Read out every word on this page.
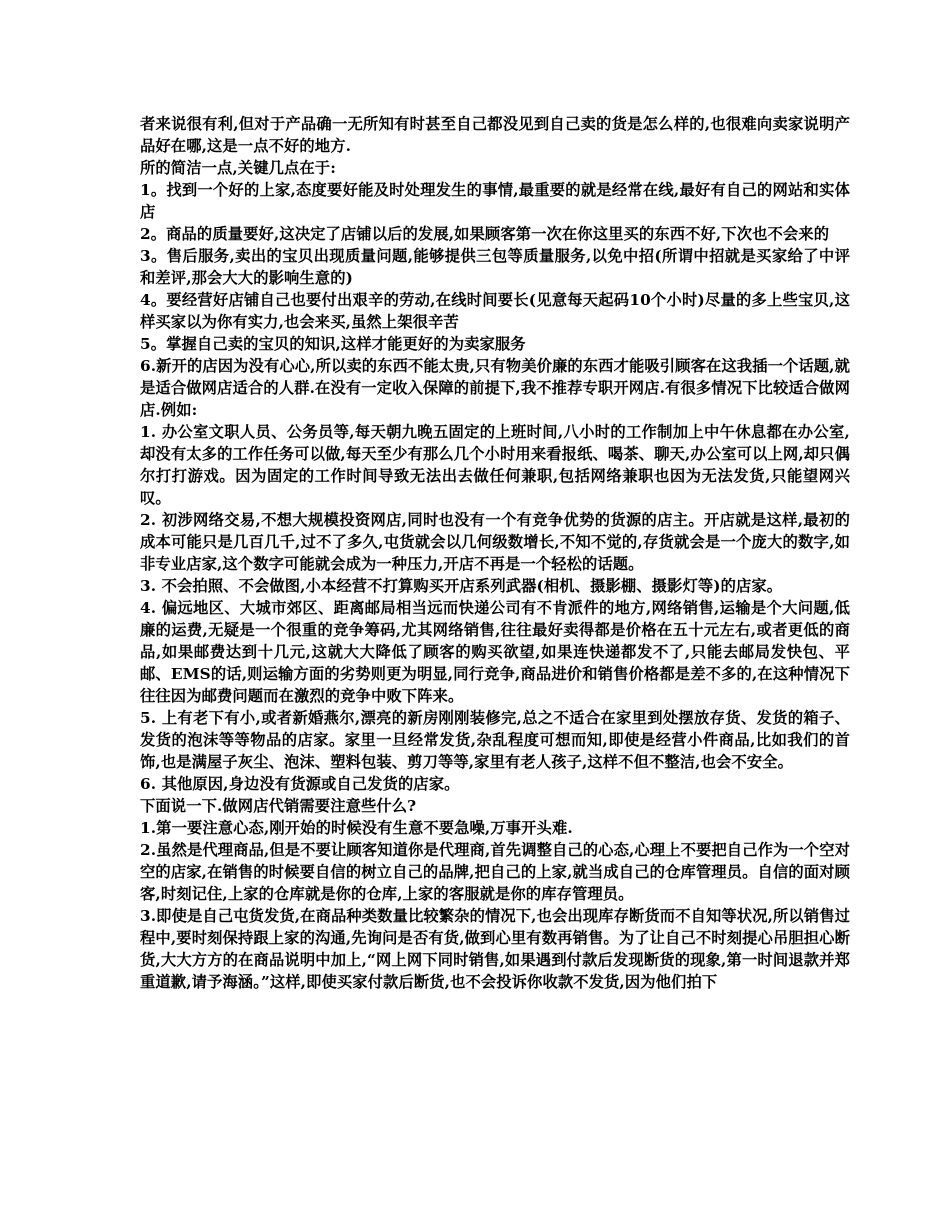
者来说很有利,但对于产品确一无所知有时甚至自己都没见到自己卖的货是怎么样的,也很难向卖家说明产品好在哪,这是一点不好的地方.

所的简洁一点,关键几点在于:

1。找到一个好的上家,态度要好能及时处理发生的事情,最重要的就是经常在线,最好有自己的网站和实体店

2。商品的质量要好,这决定了店铺以后的发展,如果顾客第一次在你这里买的东西不好,下次也不会来的

3。售后服务,卖出的宝贝出现质量问题,能够提供三包等质量服务,以免中招(所谓中招就是买家给了中评和差评,那会大大的影响生意的)

4。要经营好店铺自己也要付出艰辛的劳动,在线时间要长(见意每天起码10个小时)尽量的多上些宝贝,这样买家以为你有实力,也会来买,虽然上架很辛苦

5。掌握自己卖的宝贝的知识,这样才能更好的为卖家服务

6.新开的店因为没有心心,所以卖的东西不能太贵,只有物美价廉的东西才能吸引顾客在这我插一个话题,就是适合做网店适合的人群.在没有一定收入保障的前提下,我不推荐专职开网店.有很多情况下比较适合做网店.例如:

1. 办公室文职人员、公务员等,每天朝九晚五固定的上班时间,八小时的工作制加上中午休息都在办公室,却没有太多的工作任务可以做,每天至少有那么几个小时用来看报纸、喝茶、聊天,办公室可以上网,却只偶尔打打游戏。因为固定的工作时间导致无法出去做任何兼职,包括网络兼职也因为无法发货,只能望网兴叹。

2. 初涉网络交易,不想大规模投资网店,同时也没有一个有竞争优势的货源的店主。开店就是这样,最初的成本可能只是几百几千,过不了多久,屯货就会以几何级数增长,不知不觉的,存货就会是一个庞大的数字,如非专业店家,这个数字可能就会成为一种压力,开店不再是一个轻松的话题。

3. 不会拍照、不会做图,小本经营不打算购买开店系列武器(相机、摄影棚、摄影灯等)的店家。

4. 偏远地区、大城市郊区、距离邮局相当远而快递公司有不肯派件的地方,网络销售,运输是个大问题,低廉的运费,无疑是一个很重的竞争筹码,尤其网络销售,往往最好卖得都是价格在五十元左右,或者更低的商品,如果邮费达到十几元,这就大大降低了顾客的购买欲望,如果连快递都发不了,只能去邮局发快包、平邮、EMS的话,则运输方面的劣势则更为明显,同行竞争,商品进价和销售价格都是差不多的,在这种情况下往往因为邮费问题而在激烈的竞争中败下阵来。

5. 上有老下有小,或者新婚燕尔,漂亮的新房刚刚装修完,总之不适合在家里到处摆放存货、发货的箱子、发货的泡沫等等物品的店家。家里一旦经常发货,杂乱程度可想而知,即使是经营小件商品,比如我们的首饰,也是满屋子灰尘、泡沫、塑料包装、剪刀等等,家里有老人孩子,这样不但不整洁,也会不安全。

6. 其他原因,身边没有货源或自己发货的店家。

下面说一下.做网店代销需要注意些什么?

1.第一要注意心态,刚开始的时候没有生意不要急噪,万事开头难.

2.虽然是代理商品,但是不要让顾客知道你是代理商,首先调整自己的心态,心理上不要把自己作为一个空对空的店家,在销售的时候要自信的树立自己的品牌,把自己的上家,就当成自己的仓库管理员。自信的面对顾客,时刻记住,上家的仓库就是你的仓库,上家的客服就是你的库存管理员。

3.即使是自己屯货发货,在商品种类数量比较繁杂的情况下,也会出现库存断货而不自知等状况,所以销售过程中,要时刻保持跟上家的沟通,先询问是否有货,做到心里有数再销售。为了让自己不时刻提心吊胆担心断货,大大方方的在商品说明中加上,“网上网下同时销售,如果遇到付款后发现断货的现象,第一时间退款并郑重道歉,请予海涵。”这样,即使买家付款后断货,也不会投诉你收款不发货,因为他们拍下
